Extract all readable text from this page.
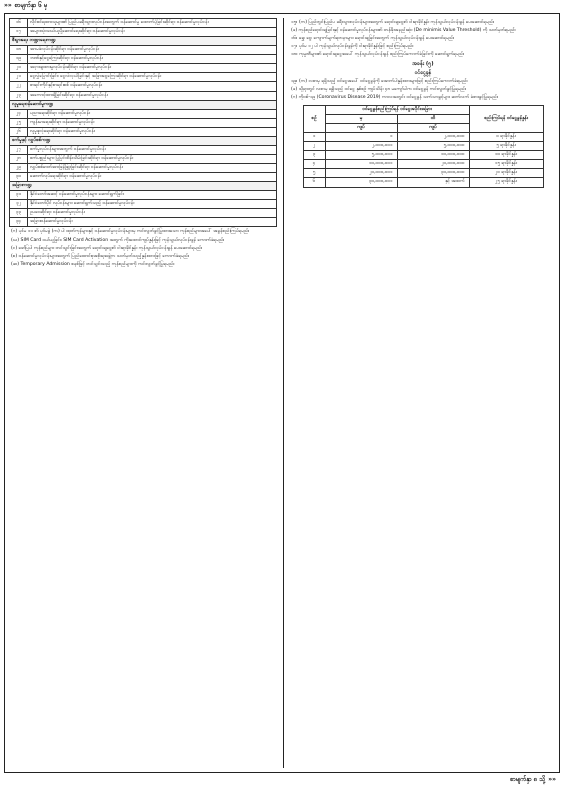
»» စာမျက်နှာ ၆ မှ
၁၆	လိုင်စင်ရထားသူများ၏ ပြည်ပခရီးသွားလုပ်ငန်းအတွက် ဝန်ဆောင်မှု ထောက်ပံ့ခြင်းဆိုင်ရာ ဝန်ဆောင်မှုလုပ်ငန်း
၁၇	အများသုံးသယ်ယူပို့ဆောင်ရေးဆိုင်ရာ ဝန်ဆောင်မှုလုပ်ငန်း
စီးပွားရေး ဘဏ္ဍာရေးကဏ္ဍ	
၁၈	အာမခံလုပ်ငန်းဆိုင်ရာ ဝန်ဆောင်မှုလုပ်ငန်း
၁၉	ဘဏ်နှင့်ငွေကြေးဆိုင်ရာ ဝန်ဆောင်မှုလုပ်ငန်း
၂၀	အငှားချထားမှုလုပ်ငန်းဆိုင်ရာ ဝန်ဆောင်မှုလုပ်ငန်း
၂၁	ငွေလွှဲပြောင်းခြင်း၊ ငွေလဲလှယ်ခြင်းနှင့် အခြားငွေကြေးဆိုင်ရာ ဝန်ဆောင်မှုလုပ်ငန်း
၂၂	စာရင်းကိုင်နှင့်စာရင်းစစ် ဝန်ဆောင်မှုလုပ်ငန်း
၂၃	အကောင့်ထားရှိခြင်းဆိုင်ရာ ဝန်ဆောင်မှုလုပ်ငန်း
လူမှုရေးဝန်ဆောင်မှုကဏ္ဍ	
၂၄	ပညာရေးဆိုင်ရာ ဝန်ဆောင်မှုလုပ်ငန်း
၂၅	ကျန်းမာရေးဆိုင်ရာ ဝန်ဆောင်မှုလုပ်ငန်း
၂၆	လူမှုဖူလုံရေးဆိုင်ရာ ဝန်ဆောင်မှုလုပ်ငန်း
စက်မှုနှင့် လျှပ်စစ်ကဏ္ဍ	
၂၇	စက်မှုလုပ်ငန်းများအတွက် ဝန်ဆောင်မှုလုပ်ငန်း
၂၈	စက်ပစ္စည်းများ ပြုပြင်ထိန်းသိမ်းခြင်းဆိုင်ရာ ဝန်ဆောင်မှုလုပ်ငန်း
၂၉	လျှပ်စစ်ဓာတ်အားဖြန့်ဖြူးခြင်းဆိုင်ရာ ဝန်ဆောင်မှုလုပ်ငန်း
၃၀	ဆောက်လုပ်ရေးဆိုင်ရာ ဝန်ဆောင်မှုလုပ်ငန်း
အခြားကဏ္ဍ	
၃၁	နိုင်ငံတော်အဆင့် ဝန်ဆောင်မှုလုပ်ငန်းများ ဆောင်ရွက်ခြင်း
၃၂	နိုင်ငံတော်ပိုင် လုပ်ငန်းများ ဆောင်ရွက်သည့် ဝန်ဆောင်မှုလုပ်ငန်း
၃၃	ဥပဒေဆိုင်ရာ ဝန်ဆောင်မှုလုပ်ငန်း
၃၄	အခြားဝန်ဆောင်မှုလုပ်ငန်း
(ဂ) ပုဒ်မ ၁၁ ၏ ပုဒ်မခွဲ (က) ပါ ထုတ်ကုန်များနှင့် ဝန်ဆောင်မှုလုပ်ငန်းများမှ ကင်းလွတ်ခွင့်ပြုထားသော ကုန်စည်များအပေါ် အခွန်စည်းကြပ်ရမည်။
(ဃ) SIM Card ဝယ်ယူခြင်း၊ SIM Card Activation အတွက် ကိုးထောင်ကျပ်နှုန်းဖြင့် ကုန်သွယ်လုပ်ငန်းခွန် ကောက်ခံရမည်။
(င) ဖော်ပြပါ ကုန်စည်များ တင်သွင်းခြင်းအတွက် ရောင်းချငွေ၏ ငါးရာခိုင်နှုန်း ကုန်သွယ်လုပ်ငန်းခွန် ပေးဆောင်ရမည်။
(စ) ဝန်ဆောင်မှုလုပ်ငန်းများအတွက် ပြည်ထောင်စုအစိုးရအဖွဲ့က သတ်မှတ်သည့်နှုန်းထားဖြင့် ကောက်ခံရမည်။
(ဆ) Temporary Admission စနစ်ဖြင့် တင်သွင်းသည့် ကုန်စည်များကို ကင်းလွတ်ခွင့်ပြုရမည်။
၁၅။ (က) ပြည်တွင်းပြည်ပ ခရီးသွားလုပ်ငန်းများအတွက် ရောင်းချငွေ၏ ငါးရာခိုင်နှုန်း ကုန်သွယ်လုပ်ငန်းခွန် ပေးဆောင်ရမည်။
(ခ) ကုန်စည်ရောင်းချခြင်းနှင့် ဝန်ဆောင်မှုလုပ်ငန်းများ၏ တန်ဖိုးအနည်းဆုံး (De minimis Value Threshold) ကို သတ်မှတ်ရမည်။
၁၆။ ရွှေ၊ ငွေ၊ ကျောက်မျက်ရတနာများ ရောင်းချခြင်းအတွက် ကုန်သွယ်လုပ်ငန်းခွန် ပေးဆောင်ရမည်။
၁၇။ ပုဒ်မ ၁၂ ပါ ကုန်သွယ်လုပ်ငန်းခွန်ကို ငါးရာခိုင်နှုန်းဖြင့် စည်းကြပ်ရမည်။
၁၈။ ကုမ္ပဏီများ၏ ရောင်းချငွေအပေါ် ကုန်သွယ်လုပ်ငန်းခွန် စည်းကြပ်ကောက်ခံခြင်းကို ဆောင်ရွက်ရမည်။
အခန်း (၅)
ဝင်ငွေခွန်
၁၉။ (က) လစာမှ ရရှိသည့် ဝင်ငွေအပေါ် ဝင်ငွေခွန်ကို အောက်ပါနှုန်းထားများဖြင့် စည်းကြပ်ကောက်ခံရမည်။
(ခ) သို့ရာတွင် လစာမှ ရရှိသည့် ဝင်ငွေ နှစ်စဉ် ကျပ်သိန်း ၄၈ မကျော်ပါက ဝင်ငွေခွန် ကင်းလွတ်ခွင့်ပြုရမည်။
(ဂ) ကိုဗစ်-၁၉ (Coronavirus Disease 2019) ကာလအတွင်း ဝင်ငွေခွန် သက်သာခွင့်များ ဆက်လက် ခံစားခွင့်ပြုရမည်။
စဉ်	ဝင်ငွေခွန်စည်းကြပ်ရန် ဝင်ငွေအပိုင်းအခြား		စည်းကြပ်ရန် ဝင်ငွေခွန်နှုန်း
	မှ	ထိ	
	ကျပ်	ကျပ်	
၁	၁	၂,၀၀၀,၀၀၀	၀ ရာခိုင်နှုန်း
၂	၂,၀၀၀,၀၀၁	၅,၀၀၀,၀၀၀	၅ ရာခိုင်နှုန်း
၃	၅,၀၀၀,၀၀၁	၁၀,၀၀၀,၀၀၀	၁၀ ရာခိုင်နှုန်း
၄	၁၀,၀၀၀,၀၀၁	၂၀,၀၀၀,၀၀၀	၁၅ ရာခိုင်နှုန်း
၅	၂၀,၀၀၀,၀၀၁	၃၀,၀၀၀,၀၀၀	၂၀ ရာခိုင်နှုန်း
၆	၃၀,၀၀၀,၀၀၁	နှင့် အထက်	၂၅ ရာခိုင်နှုန်း
စာမျက်နှာ ၈ သို့ »»
